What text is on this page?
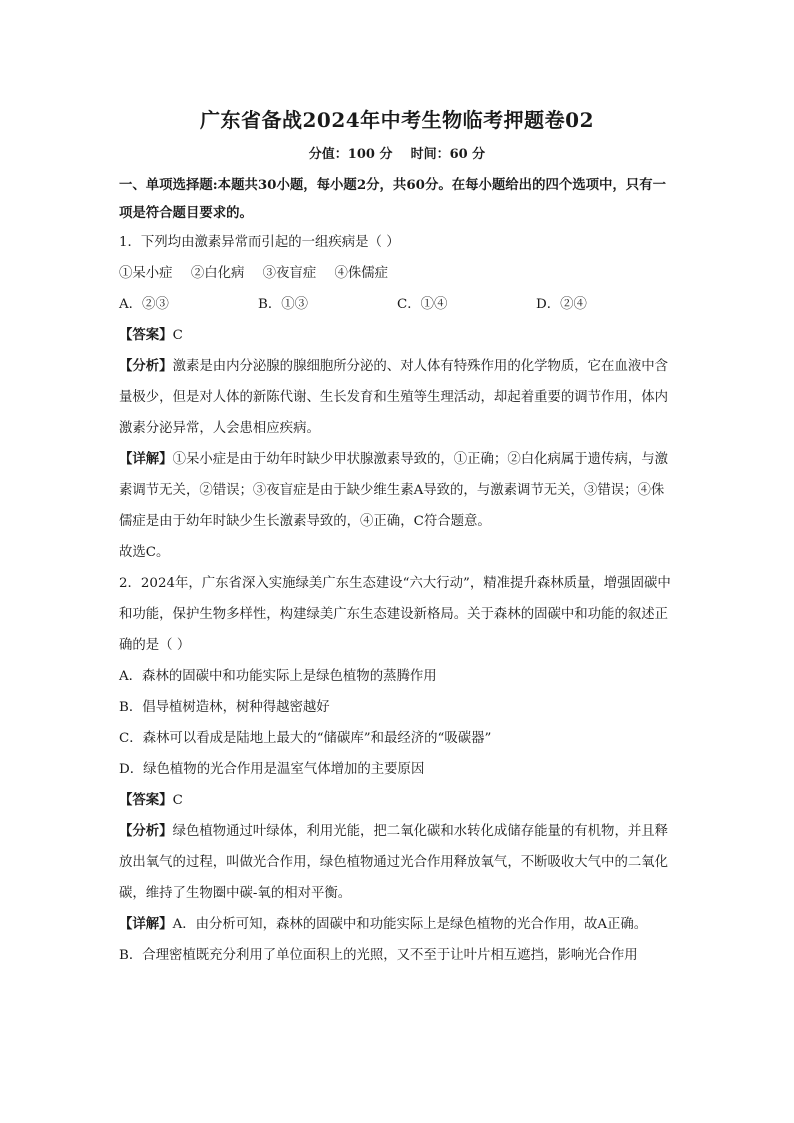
广东省备战2024年中考生物临考押题卷02
分值：100 分    时间：60 分

一、单项选择题:本题共30小题，每小题2分，共60分。在每小题给出的四个选项中，只有一项是符合题目要求的。

1．下列均由激素异常而引起的一组疾病是（ ）

①呆小症 ②白化病 ③夜盲症 ④侏儒症

A．②③	B．①③	C．①④	D．②④

【答案】C

【分析】激素是由内分泌腺的腺细胞所分泌的、对人体有特殊作用的化学物质，它在血液中含量极少，但是对人体的新陈代谢、生长发育和生殖等生理活动，却起着重要的调节作用，体内激素分泌异常，人会患相应疾病。

【详解】①呆小症是由于幼年时缺少甲状腺激素导致的，①正确；②白化病属于遗传病，与激素调节无关，②错误；③夜盲症是由于缺少维生素A导致的，与激素调节无关，③错误；④侏儒症是由于幼年时缺少生长激素导致的，④正确，C符合题意。

故选C。

2．2024年，广东省深入实施绿美广东生态建设“六大行动”，精准提升森林质量，增强固碳中和功能，保护生物多样性，构建绿美广东生态建设新格局。关于森林的固碳中和功能的叙述正确的是（ ）

A．森林的固碳中和功能实际上是绿色植物的蒸腾作用

B．倡导植树造林，树种得越密越好

C．森林可以看成是陆地上最大的“储碳库”和最经济的“吸碳器”

D．绿色植物的光合作用是温室气体增加的主要原因

【答案】C

【分析】绿色植物通过叶绿体，利用光能，把二氧化碳和水转化成储存能量的有机物，并且释放出氧气的过程，叫做光合作用，绿色植物通过光合作用释放氧气，不断吸收大气中的二氧化碳，维持了生物圈中碳-氧的相对平衡。

【详解】A．由分析可知，森林的固碳中和功能实际上是绿色植物的光合作用，故A正确。

B．合理密植既充分利用了单位面积上的光照，又不至于让叶片相互遮挡，影响光合作用
